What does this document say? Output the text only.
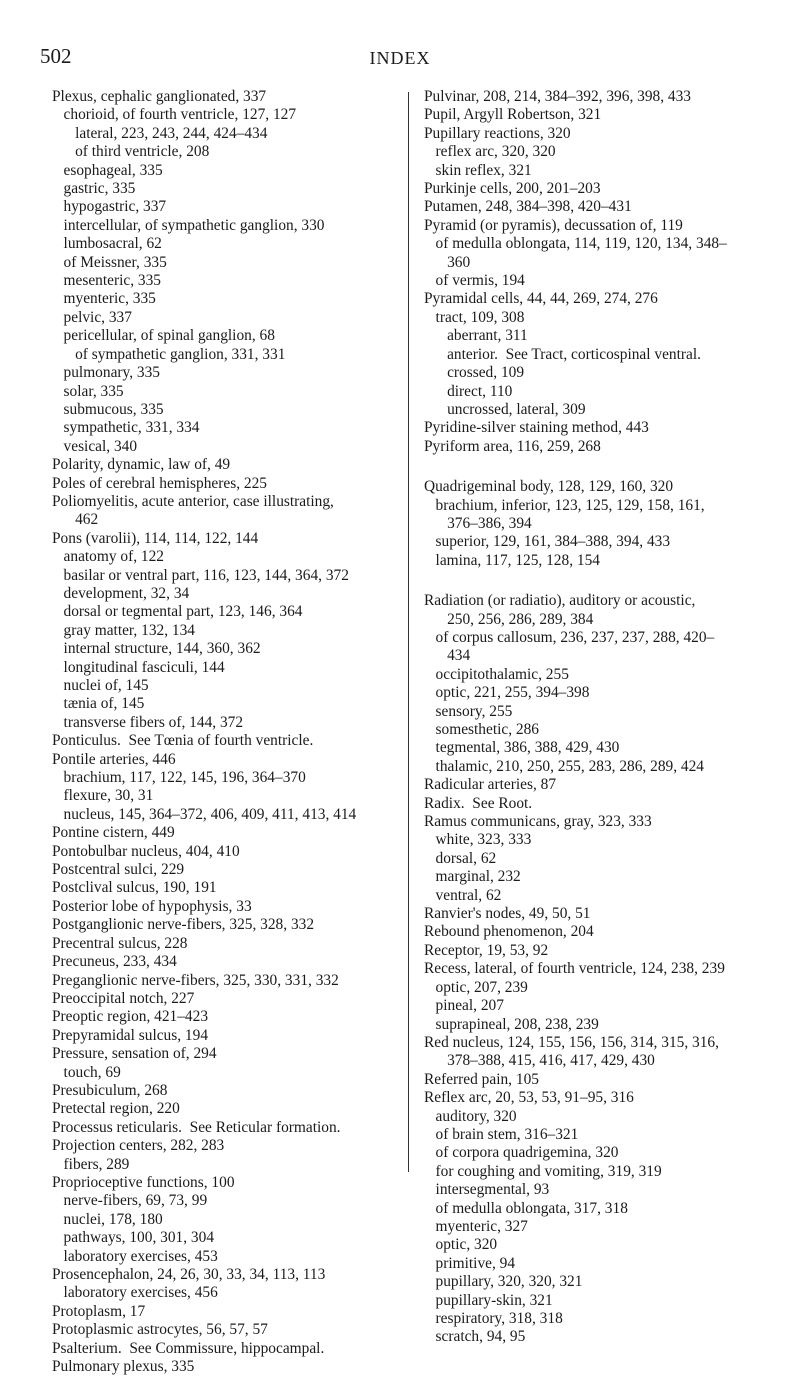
502	INDEX
Plexus, cephalic ganglionated, 337
chorioid, of fourth ventricle, 127, 127
lateral, 223, 243, 244, 424–434
of third ventricle, 208
esophageal, 335
gastric, 335
hypogastric, 337
intercellular, of sympathetic ganglion, 330
lumbosacral, 62
of Meissner, 335
mesenteric, 335
myenteric, 335
pelvic, 337
pericellular, of spinal ganglion, 68
of sympathetic ganglion, 331, 331
pulmonary, 335
solar, 335
submucous, 335
sympathetic, 331, 334
vesical, 340
Polarity, dynamic, law of, 49
Poles of cerebral hemispheres, 225
Poliomyelitis, acute anterior, case illustrating,
462
Pons (varolii), 114, 114, 122, 144
anatomy of, 122
basilar or ventral part, 116, 123, 144, 364, 372
development, 32, 34
dorsal or tegmental part, 123, 146, 364
gray matter, 132, 134
internal structure, 144, 360, 362
longitudinal fasciculi, 144
nuclei of, 145
tænia of, 145
transverse fibers of, 144, 372
Ponticulus.  See Tœnia of fourth ventricle.
Pontile arteries, 446
brachium, 117, 122, 145, 196, 364–370
flexure, 30, 31
nucleus, 145, 364–372, 406, 409, 411, 413, 414
Pontine cistern, 449
Pontobulbar nucleus, 404, 410
Postcentral sulci, 229
Postclival sulcus, 190, 191
Posterior lobe of hypophysis, 33
Postganglionic nerve-fibers, 325, 328, 332
Precentral sulcus, 228
Precuneus, 233, 434
Preganglionic nerve-fibers, 325, 330, 331, 332
Preoccipital notch, 227
Preoptic region, 421–423
Prepyramidal sulcus, 194
Pressure, sensation of, 294
touch, 69
Presubiculum, 268
Pretectal region, 220
Processus reticularis.  See Reticular formation.
Projection centers, 282, 283
fibers, 289
Proprioceptive functions, 100
nerve-fibers, 69, 73, 99
nuclei, 178, 180
pathways, 100, 301, 304
laboratory exercises, 453
Prosencephalon, 24, 26, 30, 33, 34, 113, 113
laboratory exercises, 456
Protoplasm, 17
Protoplasmic astrocytes, 56, 57, 57
Psalterium.  See Commissure, hippocampal.
Pulmonary plexus, 335
Pulvinar, 208, 214, 384–392, 396, 398, 433
Pupil, Argyll Robertson, 321
Pupillary reactions, 320
reflex arc, 320, 320
skin reflex, 321
Purkinje cells, 200, 201–203
Putamen, 248, 384–398, 420–431
Pyramid (or pyramis), decussation of, 119
of medulla oblongata, 114, 119, 120, 134, 348–
360
of vermis, 194
Pyramidal cells, 44, 44, 269, 274, 276
tract, 109, 308
aberrant, 311
anterior.  See Tract, corticospinal ventral.
crossed, 109
direct, 110
uncrossed, lateral, 309
Pyridine-silver staining method, 443
Pyriform area, 116, 259, 268
Quadrigeminal body, 128, 129, 160, 320
brachium, inferior, 123, 125, 129, 158, 161,
376–386, 394
superior, 129, 161, 384–388, 394, 433
lamina, 117, 125, 128, 154
Radiation (or radiatio), auditory or acoustic,
250, 256, 286, 289, 384
of corpus callosum, 236, 237, 237, 288, 420–
434
occipitothalamic, 255
optic, 221, 255, 394–398
sensory, 255
somesthetic, 286
tegmental, 386, 388, 429, 430
thalamic, 210, 250, 255, 283, 286, 289, 424
Radicular arteries, 87
Radix.  See Root.
Ramus communicans, gray, 323, 333
white, 323, 333
dorsal, 62
marginal, 232
ventral, 62
Ranvier's nodes, 49, 50, 51
Rebound phenomenon, 204
Receptor, 19, 53, 92
Recess, lateral, of fourth ventricle, 124, 238, 239
optic, 207, 239
pineal, 207
suprapineal, 208, 238, 239
Red nucleus, 124, 155, 156, 156, 314, 315, 316,
378–388, 415, 416, 417, 429, 430
Referred pain, 105
Reflex arc, 20, 53, 53, 91–95, 316
auditory, 320
of brain stem, 316–321
of corpora quadrigemina, 320
for coughing and vomiting, 319, 319
intersegmental, 93
of medulla oblongata, 317, 318
myenteric, 327
optic, 320
primitive, 94
pupillary, 320, 320, 321
pupillary-skin, 321
respiratory, 318, 318
scratch, 94, 95
